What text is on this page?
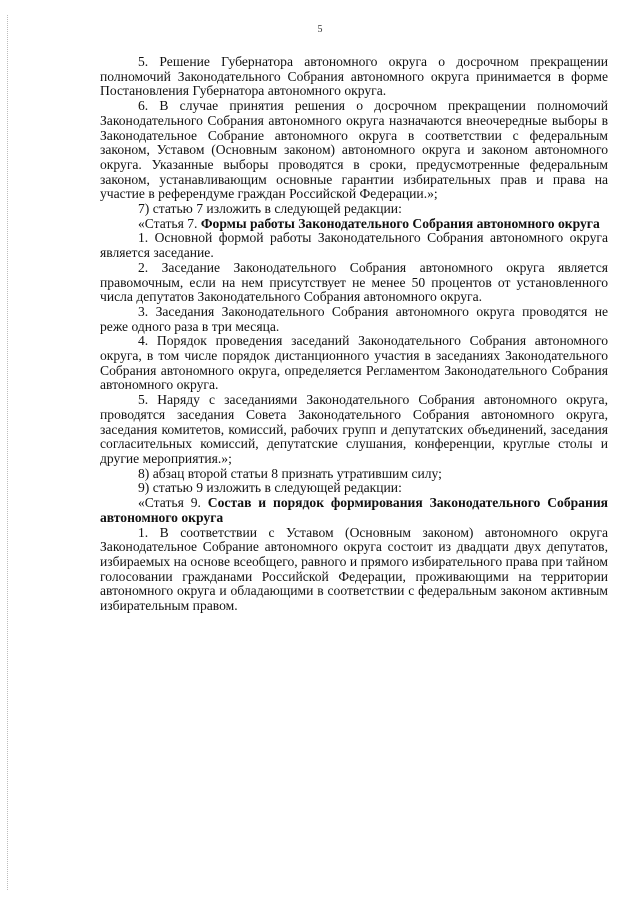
5

5. Решение Губернатора автономного округа о досрочном прекращении полномочий Законодательного Собрания автономного округа принимается в форме Постановления Губернатора автономного округа.

6. В случае принятия решения о досрочном прекращении полномочий Законодательного Собрания автономного округа назначаются внеочередные выборы в Законодательное Собрание автономного округа в соответствии с федеральным законом, Уставом (Основным законом) автономного округа и законом автономного округа. Указанные выборы проводятся в сроки, предусмотренные федеральным законом, устанавливающим основные гарантии избирательных прав и права на участие в референдуме граждан Российской Федерации.»;

7) статью 7 изложить в следующей редакции:

«Статья 7. Формы работы Законодательного Собрания автономного округа

1. Основной формой работы Законодательного Собрания автономного округа является заседание.

2. Заседание Законодательного Собрания автономного округа является правомочным, если на нем присутствует не менее 50 процентов от установленного числа депутатов Законодательного Собрания автономного округа.

3. Заседания Законодательного Собрания автономного округа проводятся не реже одного раза в три месяца.

4. Порядок проведения заседаний Законодательного Собрания автономного округа, в том числе порядок дистанционного участия в заседаниях Законодательного Собрания автономного округа, определяется Регламентом Законодательного Собрания автономного округа.

5. Наряду с заседаниями Законодательного Собрания автономного округа, проводятся заседания Совета Законодательного Собрания автономного округа, заседания комитетов, комиссий, рабочих групп и депутатских объединений, заседания согласительных комиссий, депутатские слушания, конференции, круглые столы и другие мероприятия.»;

8) абзац второй статьи 8 признать утратившим силу;

9) статью 9 изложить в следующей редакции:

«Статья 9. Состав и порядок формирования Законодательного Собрания автономного округа

1. В соответствии с Уставом (Основным законом) автономного округа Законодательное Собрание автономного округа состоит из двадцати двух депутатов, избираемых на основе всеобщего, равного и прямого избирательного права при тайном голосовании гражданами Российской Федерации, проживающими на территории автономного округа и обладающими в соответствии с федеральным законом активным избирательным правом.
